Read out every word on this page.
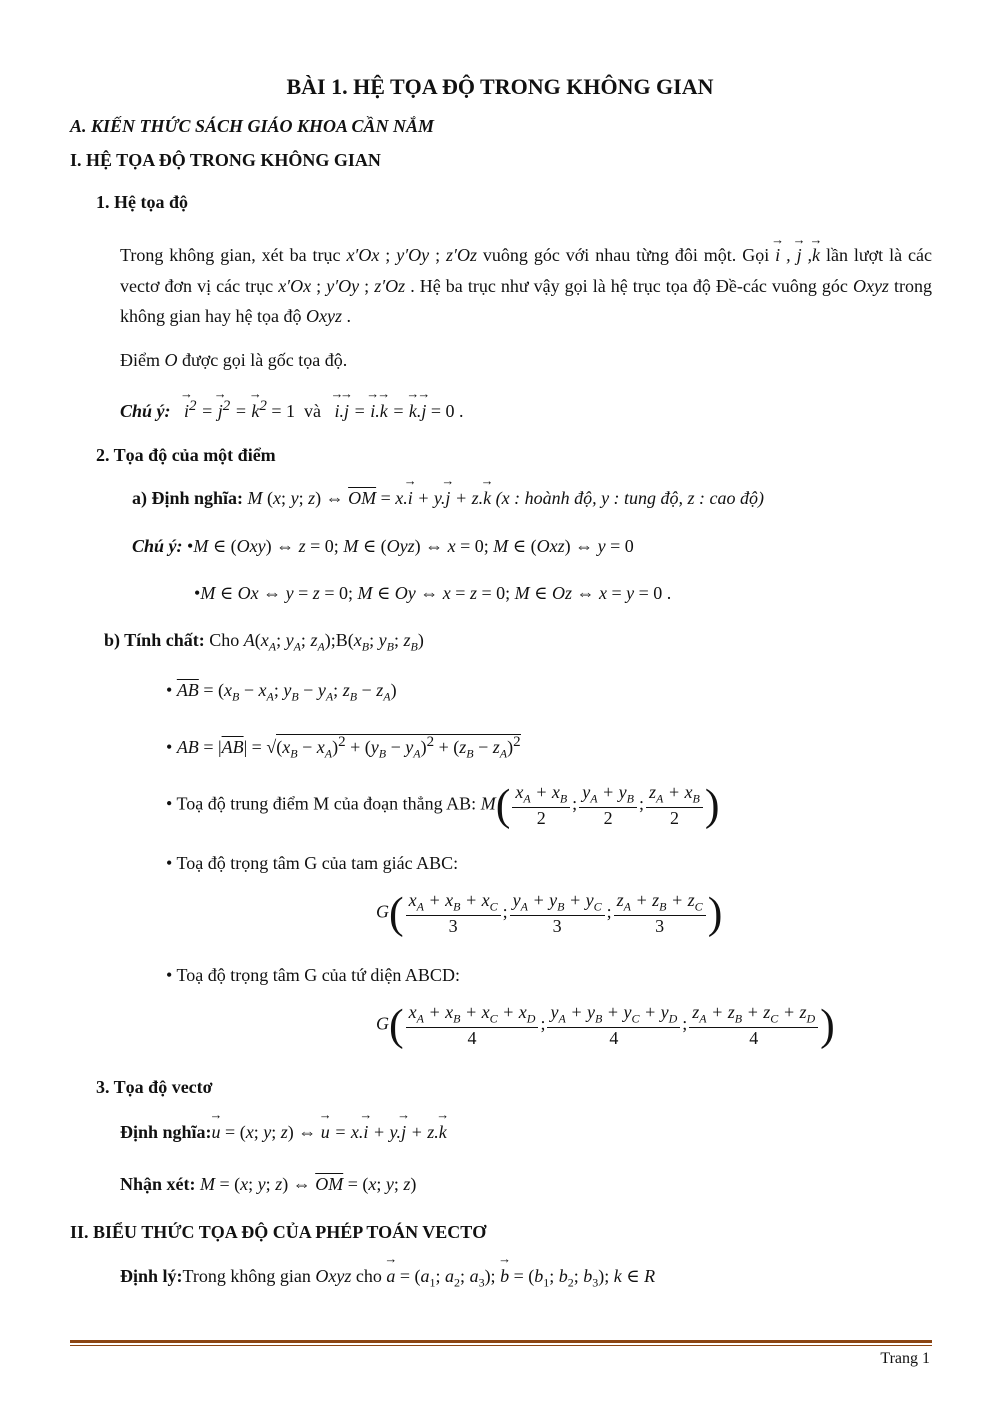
BÀI 1. HỆ TỌA ĐỘ TRONG KHÔNG GIAN
A. KIẾN THỨC SÁCH GIÁO KHOA CẦN NẮM
I. HỆ TỌA ĐỘ TRONG KHÔNG GIAN
1. Hệ tọa độ
Trong không gian, xét ba trục x′Ox ; y′Oy ; z′Oz vuông góc với nhau từng đôi một. Gọi → i , → j ,→ k lần lượt là các vectơ đơn vị các trục x′Ox ; y′Oy ; z′Oz . Hệ ba trục như vậy gọi là hệ trục tọa độ Đề-các vuông góc Oxyz trong không gian hay hệ tọa độ Oxyz .
Điểm O được gọi là gốc tọa độ.
Chú ý: → $i^2$ = → $j^2$ = → $k^2 = 1$  và → i.→ j = → i.→ k = → k.→ j = 0 .
2. Tọa độ của một điểm
a) Định nghĩa: M (x; y; z) ⇔ $\overline{OM} = x.\to i + y.\to j + z.\to k$ (x : hoành độ, y : tung độ, z : cao độ)
Chú ý: •M ∈ (Oxy) ⇔ z = 0; M ∈ (Oyz) ⇔ x = 0; M ∈ (Oxz) ⇔ y = 0
•M ∈ Ox ⇔ y = z = 0; M ∈ Oy ⇔ x = z = 0; M ∈ Oz ⇔ x = y = 0 .
b) Tính chất: Cho $A(x_A$; $y_A$; $z_A);B(x_B$; $y_B$; $z_B$)
• $\overline{AB} = (x_B - x_A$; $y_B - y_A$; $z_B - z_A$)
• AB = $|\overline{AB}| = √(x_B - x_A)^2 + (y_B - y_A)^2 + (z_B - z_A)^2$
• Toạ độ trung điểm M của đoạn thẳng AB: $M( \frac{x_A + x_B}{2}$ ; $\frac{y_A + y_B}{2}$ ; $\frac{z_A + x_B}{2}$ )
• Toạ độ trọng tâm G của tam giác ABC:
$G( \frac{x_A + x_B + x_C}{3}$ ; $\frac{y_A + y_B + y_C}{3}$ ; $\frac{z_A + z_B + z_C}{3}$ )
• Toạ độ trọng tâm G của tứ diện ABCD:
$G( \frac{x_A + x_B + x_C + x_D}{4}$ ; $\frac{y_A + y_B + y_C + y_D}{4}$ ; $\frac{z_A + z_B + z_C + z_D}{4}$ )
3. Tọa độ vectơ
Định nghĩa:→ u = (x; y; z) ⇔ → u = x.→ i + y.→ j + z.→ k
Nhận xét: M = (x; y; z) ⇔ $\overline{OM} = (x$; y; z)
II. BIỂU THỨC TỌA ĐỘ CỦA PHÉP TOÁN VECTƠ
Định lý:Trong không gian Oxyz cho → $a = (a_1$; $a_2$; $a_3$); → $b = (b_1$; $b_2$; $b_3$); k ∈ R
Trang 1
